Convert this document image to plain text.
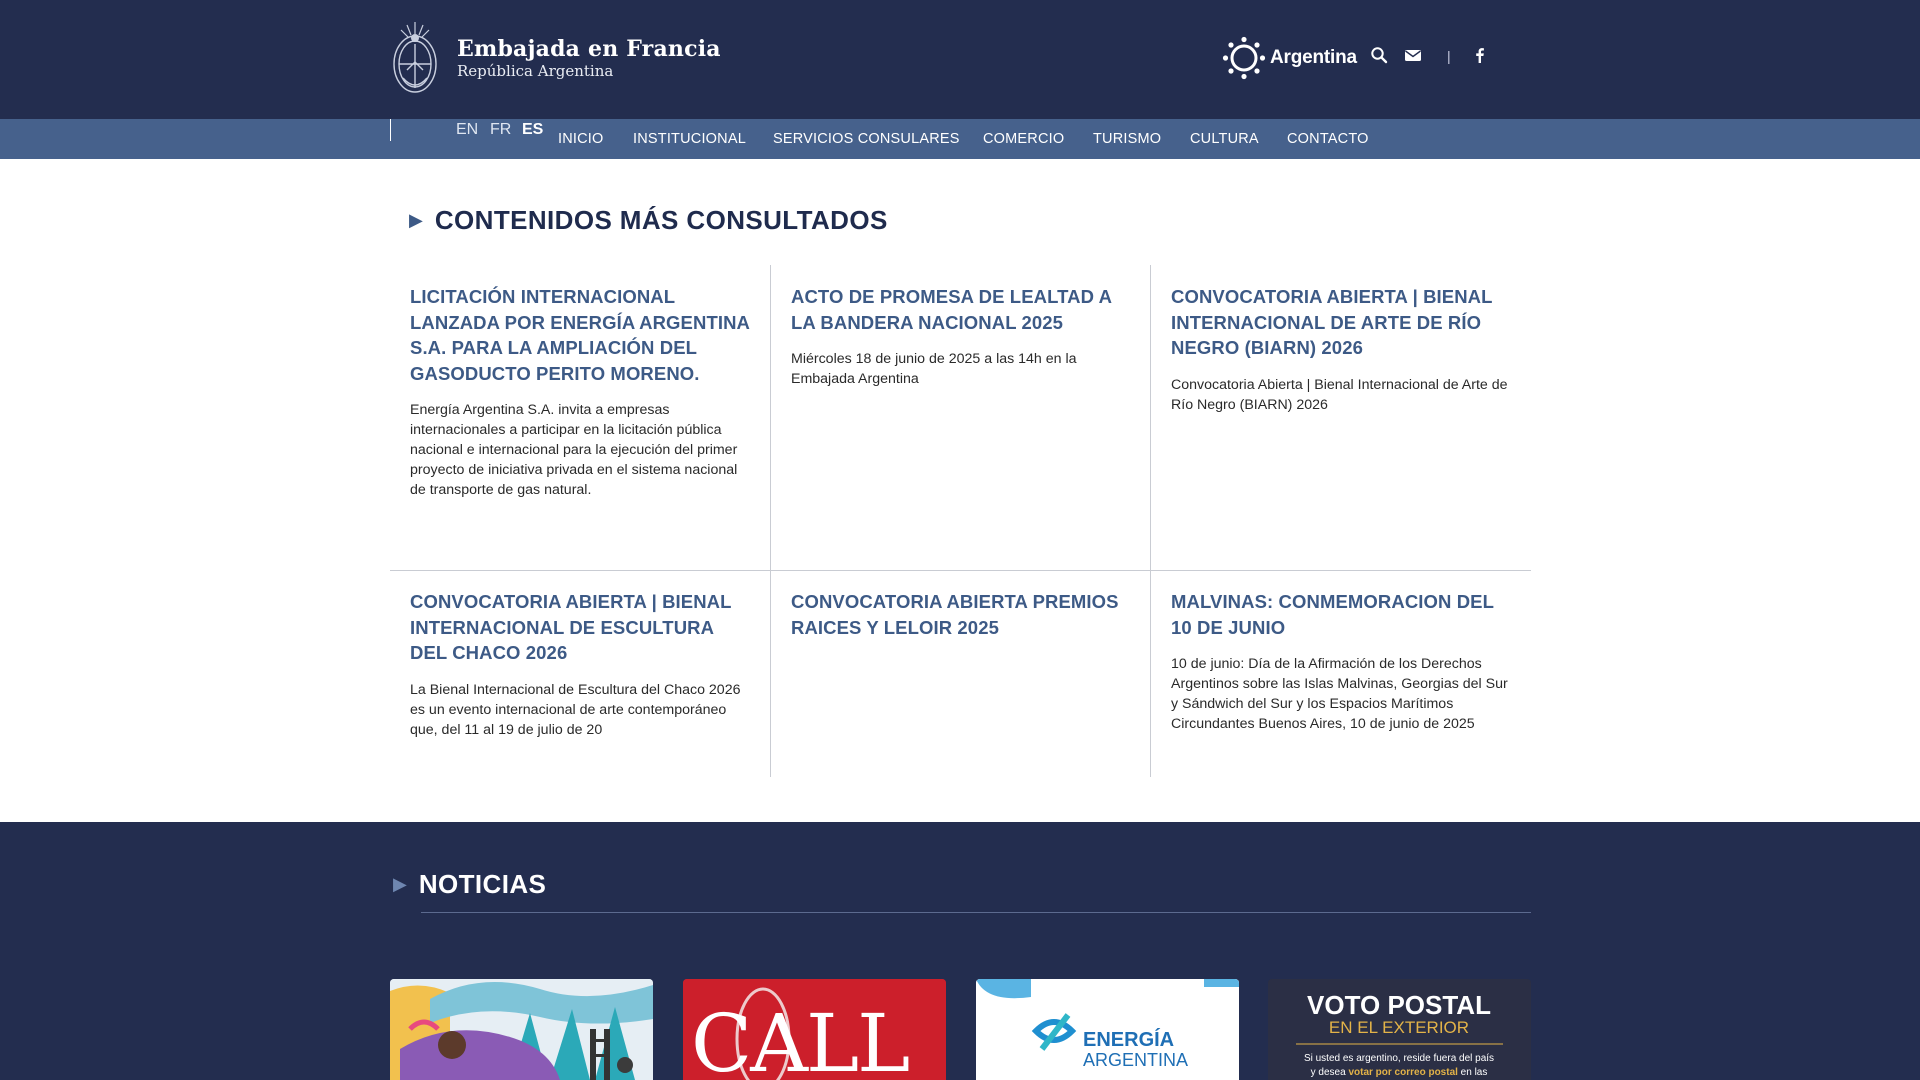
Embajada en Francia
República Argentina
Argentina	|
EN FR ES
INICIO INSTITUCIONAL SERVICIOS CONSULARES COMERCIO TURISMO CULTURA CONTACTO
▶ CONTENIDOS MÁS CONSULTADOS
LICITACIÓN INTERNACIONAL LANZADA POR ENERGÍA ARGENTINA S.A. PARA LA AMPLIACIÓN DEL GASODUCTO PERITO MORENO.
Energía Argentina S.A. invita a empresas internacionales a participar en la licitación pública nacional e internacional para la ejecución del primer proyecto de iniciativa privada en el sistema nacional de transporte de gas natural.
ACTO DE PROMESA DE LEALTAD A LA BANDERA NACIONAL 2025
Miércoles 18 de junio de 2025 a las 14h en la Embajada Argentina
CONVOCATORIA ABIERTA | BIENAL INTERNACIONAL DE ARTE DE RÍO NEGRO (BIARN) 2026
Convocatoria Abierta | Bienal Internacional de Arte de Río Negro (BIARN) 2026
CONVOCATORIA ABIERTA | BIENAL INTERNACIONAL DE ESCULTURA DEL CHACO 2026
La Bienal Internacional de Escultura del Chaco 2026 es un evento internacional de arte contemporáneo que, del 11 al 19 de julio de 20
CONVOCATORIA ABIERTA PREMIOS RAICES Y LELOIR 2025
MALVINAS: CONMEMORACION DEL 10 DE JUNIO
10 de junio: Día de la Afirmación de los Derechos Argentinos sobre las Islas Malvinas, Georgias del Sur y Sándwich del Sur y los Espacios Marítimos Circundantes Buenos Aires, 10 de junio de 2025
▶ NOTICIAS
CALL	ENERGÍA
ARGENTINA
VOTO POSTAL
EN EL EXTERIOR
Si usted es argentino, reside fuera del país
y desea votar por correo postal en las
